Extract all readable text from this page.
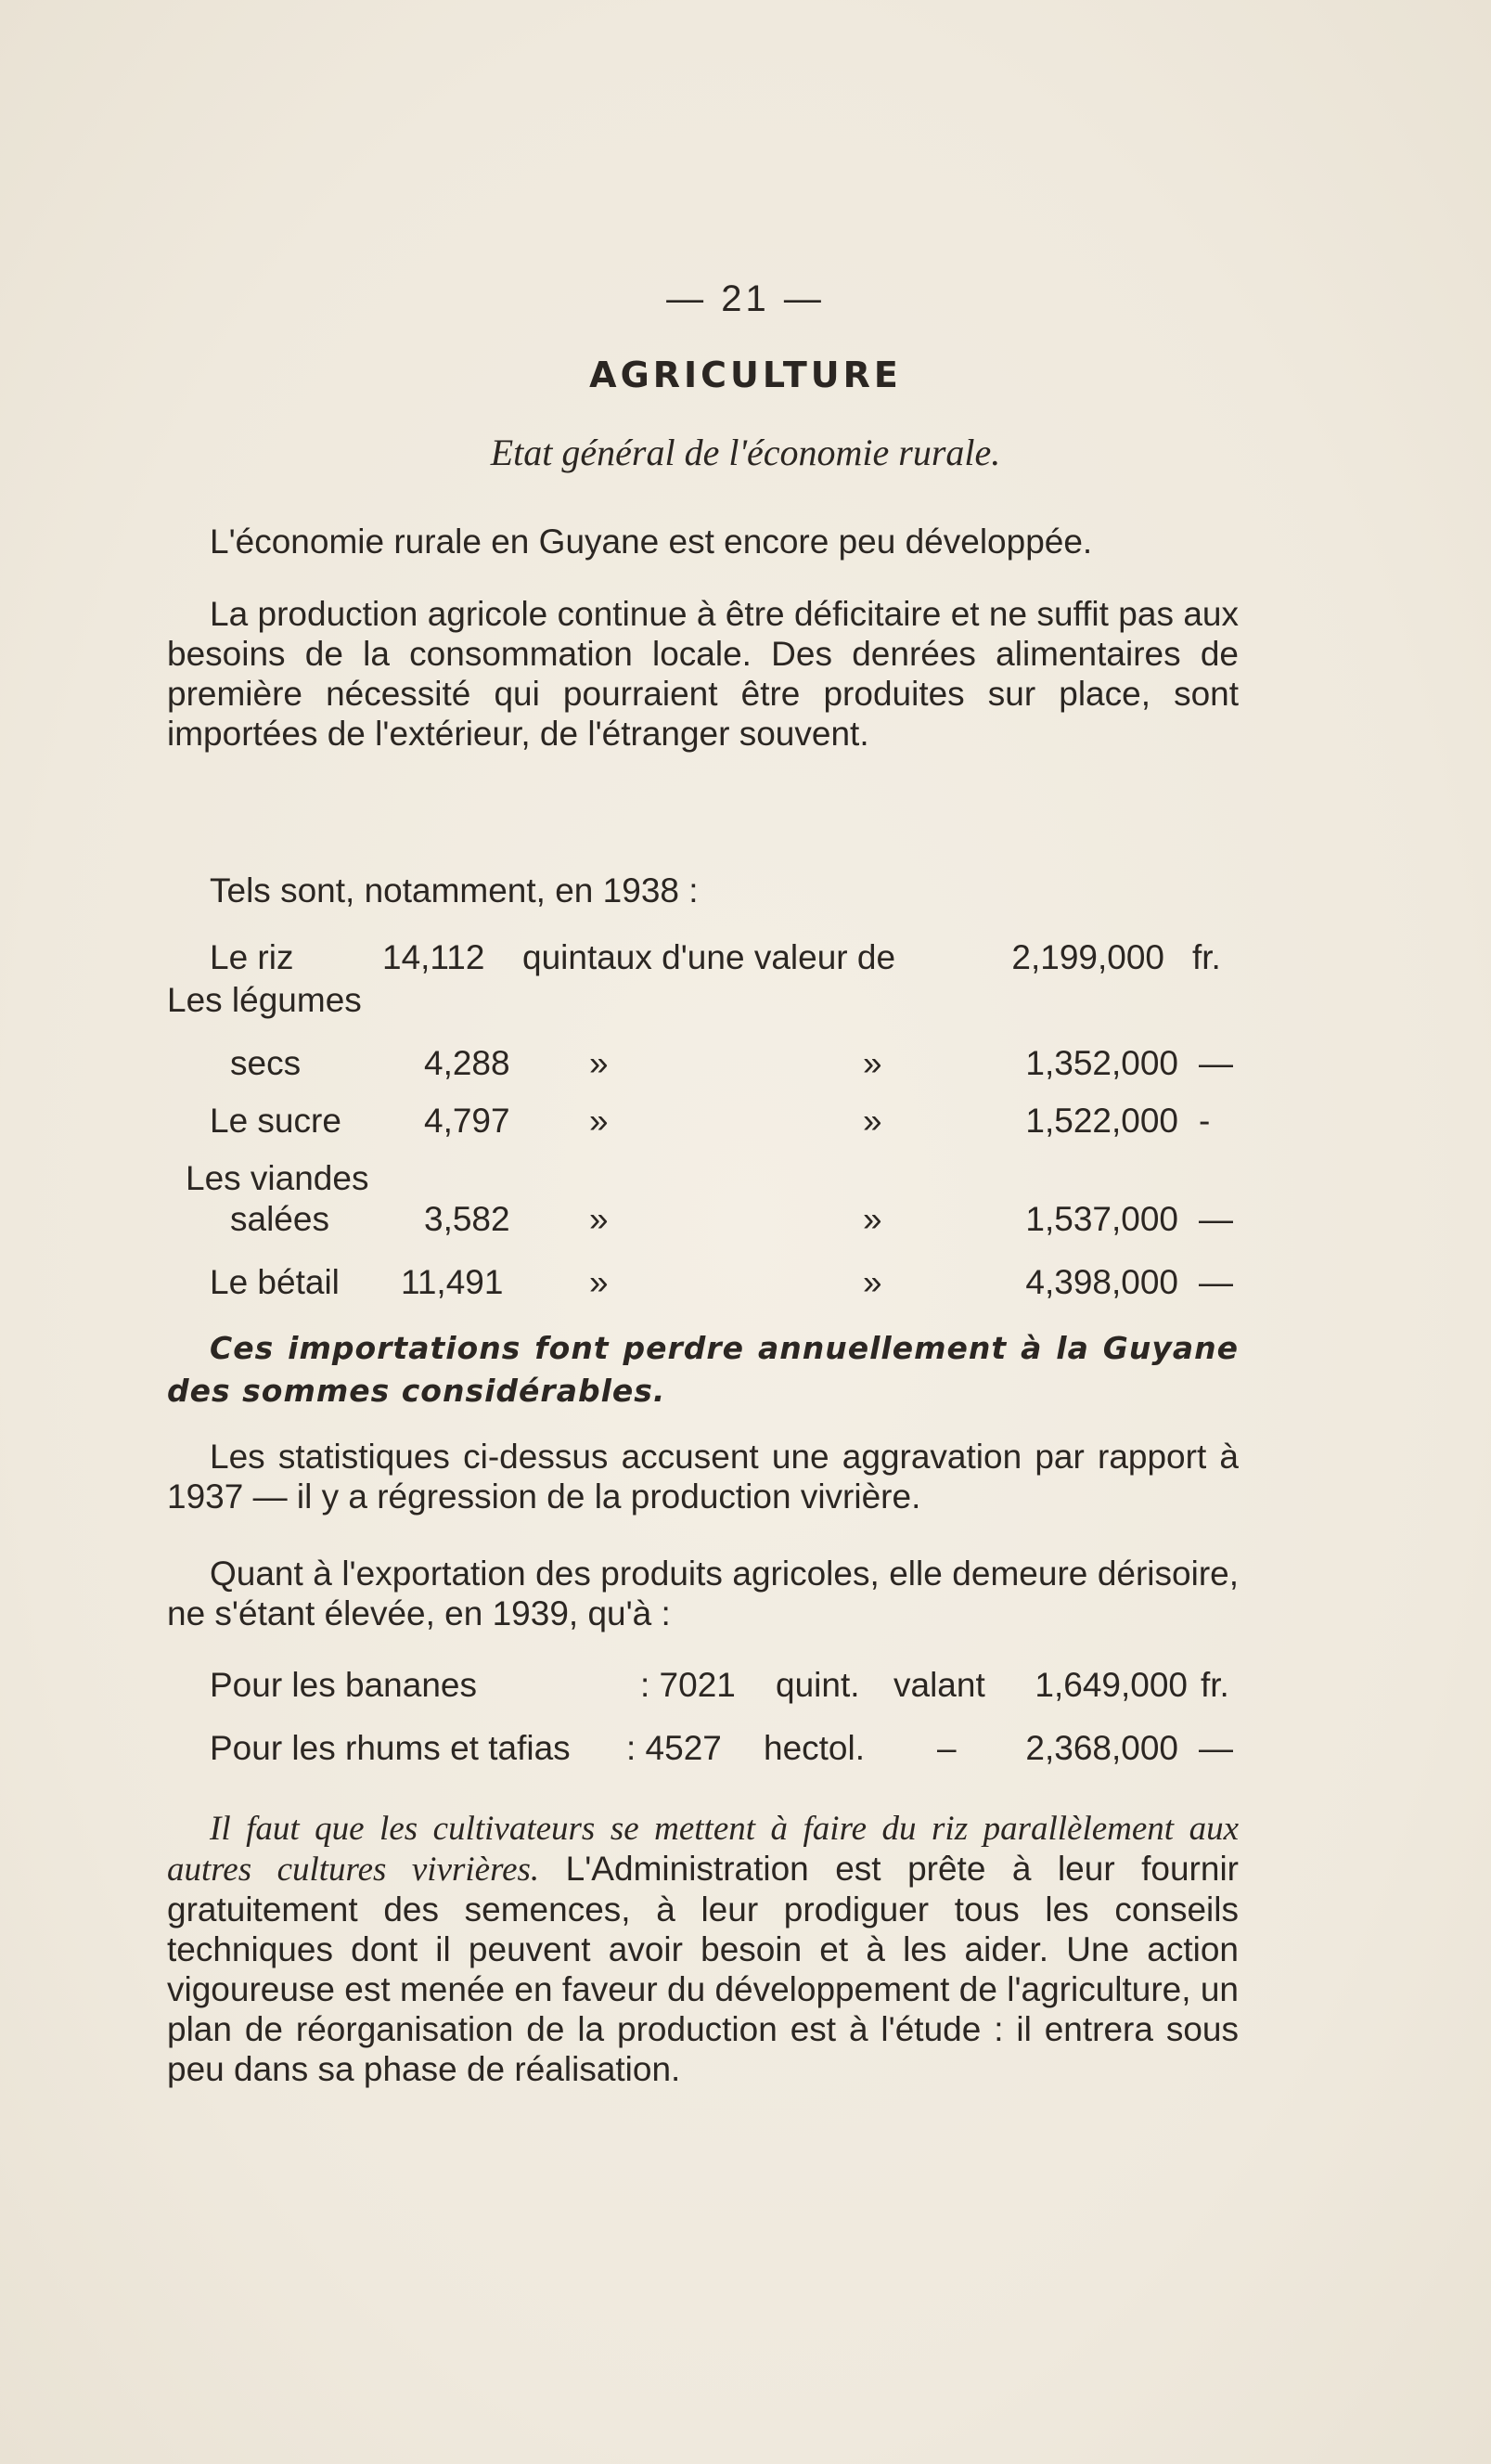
— 21 —
AGRICULTURE
Etat général de l'économie rurale.
L'économie rurale en Guyane est encore peu développée.
La production agricole continue à être déficitaire et ne suffit pas aux besoins de la consommation locale. Des denrées alimentaires de première nécessité qui pourraient être produites sur place, sont importées de l'extérieur, de l'étranger souvent.
Tels sont, notamment, en 1938 :
Le riz	14,112 quintaux d'une valeur de	2,199,000 fr.
Les légumes
secs	4,288 »	»	1,352,000 —
Le sucre 4,797 »	»	1,522,000 -
Les viandes
salées	3,582 »	»	1,537,000 —
Le bétail 11,491	»	»	4,398,000 —
Ces importations font perdre annuellement à la Guyane des sommes considérables.
Les statistiques ci-dessus accusent une aggravation par rapport à 1937 — il y a régression de la production vivrière.
Quant à l'exportation des produits agricoles, elle demeure dérisoire, ne s'étant élevée, en 1939, qu'à :
Pour les bananes	: 7021 quint. valant	1,649,000 fr.
Pour les rhums et tafias : 4527 hectol. –	2,368,000 —
Il faut que les cultivateurs se mettent à faire du riz parallèlement aux autres cultures vivrières. L'Administration est prête à leur fournir gratuitement des semences, à leur prodiguer tous les conseils techniques dont il peuvent avoir besoin et à les aider. Une action vigoureuse est menée en faveur du développement de l'agriculture, un plan de réorganisation de la production est à l'étude : il entrera sous peu dans sa phase de réalisation.
